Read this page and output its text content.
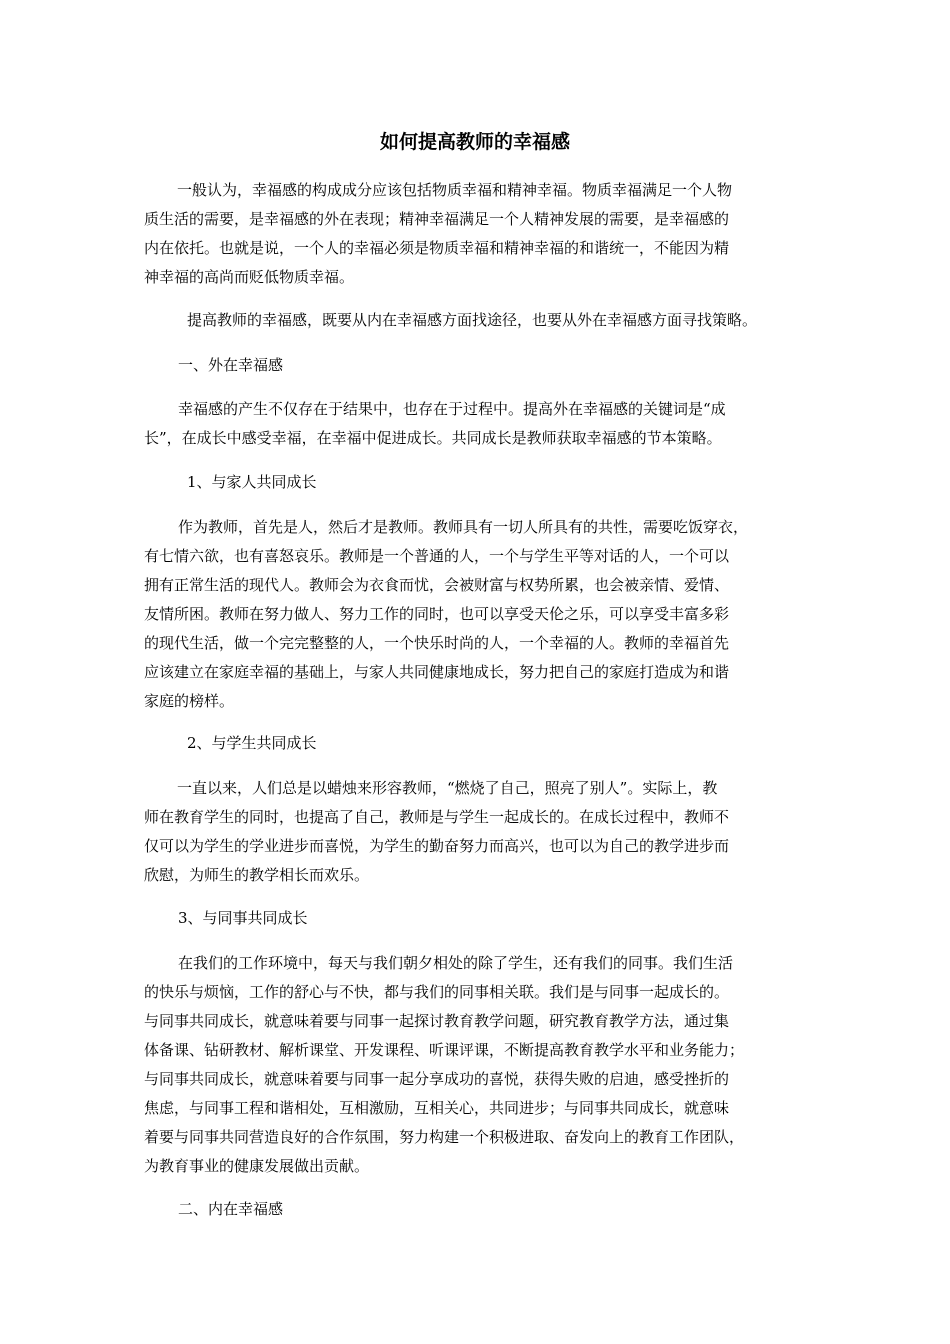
如何提高教师的幸福感

　一般认为，幸福感的构成成分应该包括物质幸福和精神幸福。物质幸福满足一个人物
质生活的需要，是幸福感的外在表现；精神幸福满足一个人精神发展的需要，是幸福感的
内在依托。也就是说，一个人的幸福必须是物质幸福和精神幸福的和谐统一，不能因为精
神幸福的高尚而贬低物质幸福。

提高教师的幸福感，既要从内在幸福感方面找途径，也要从外在幸福感方面寻找策略。

一、外在幸福感

幸福感的产生不仅存在于结果中，也存在于过程中。提高外在幸福感的关键词是“成
长”，在成长中感受幸福，在幸福中促进成长。共同成长是教师获取幸福感的节本策略。

1、与家人共同成长

作为教师，首先是人，然后才是教师。教师具有一切人所具有的共性，需要吃饭穿衣，
有七情六欲，也有喜怒哀乐。教师是一个普通的人，一个与学生平等对话的人，一个可以
拥有正常生活的现代人。教师会为衣食而忧，会被财富与权势所累，也会被亲情、爱情、
友情所困。教师在努力做人、努力工作的同时，也可以享受天伦之乐，可以享受丰富多彩
的现代生活，做一个完完整整的人，一个快乐时尚的人，一个幸福的人。教师的幸福首先
应该建立在家庭幸福的基础上，与家人共同健康地成长，努力把自己的家庭打造成为和谐
家庭的榜样。

2、与学生共同成长

　一直以来，人们总是以蜡烛来形容教师，“燃烧了自己，照亮了别人”。实际上，教
师在教育学生的同时，也提高了自己，教师是与学生一起成长的。在成长过程中，教师不
仅可以为学生的学业进步而喜悦，为学生的勤奋努力而高兴，也可以为自己的教学进步而
欣慰，为师生的教学相长而欢乐。

3、与同事共同成长

在我们的工作环境中，每天与我们朝夕相处的除了学生，还有我们的同事。我们生活
的快乐与烦恼，工作的舒心与不快，都与我们的同事相关联。我们是与同事一起成长的。
与同事共同成长，就意味着要与同事一起探讨教育教学问题，研究教育教学方法，通过集
体备课、钻研教材、解析课堂、开发课程、听课评课，不断提高教育教学水平和业务能力；
与同事共同成长，就意味着要与同事一起分享成功的喜悦，获得失败的启迪，感受挫折的
焦虑，与同事工程和谐相处，互相激励，互相关心，共同进步；与同事共同成长，就意味
着要与同事共同营造良好的合作氛围，努力构建一个积极进取、奋发向上的教育工作团队，
为教育事业的健康发展做出贡献。

二、内在幸福感
